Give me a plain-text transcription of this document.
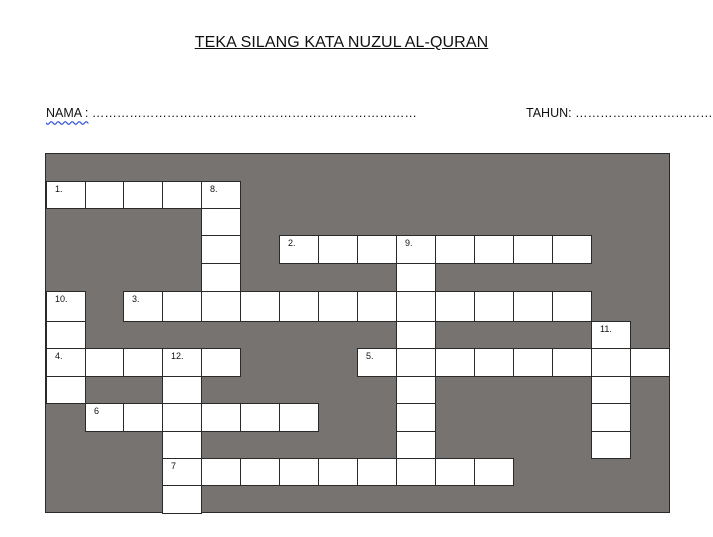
TEKA SILANG KATA NUZUL AL-QURAN
NAMA : ……………………………………………………………………	TAHUN: ……………………………
1.	8.
2.	9.
10.	3.
11.
4.	12.	5.
6
7
